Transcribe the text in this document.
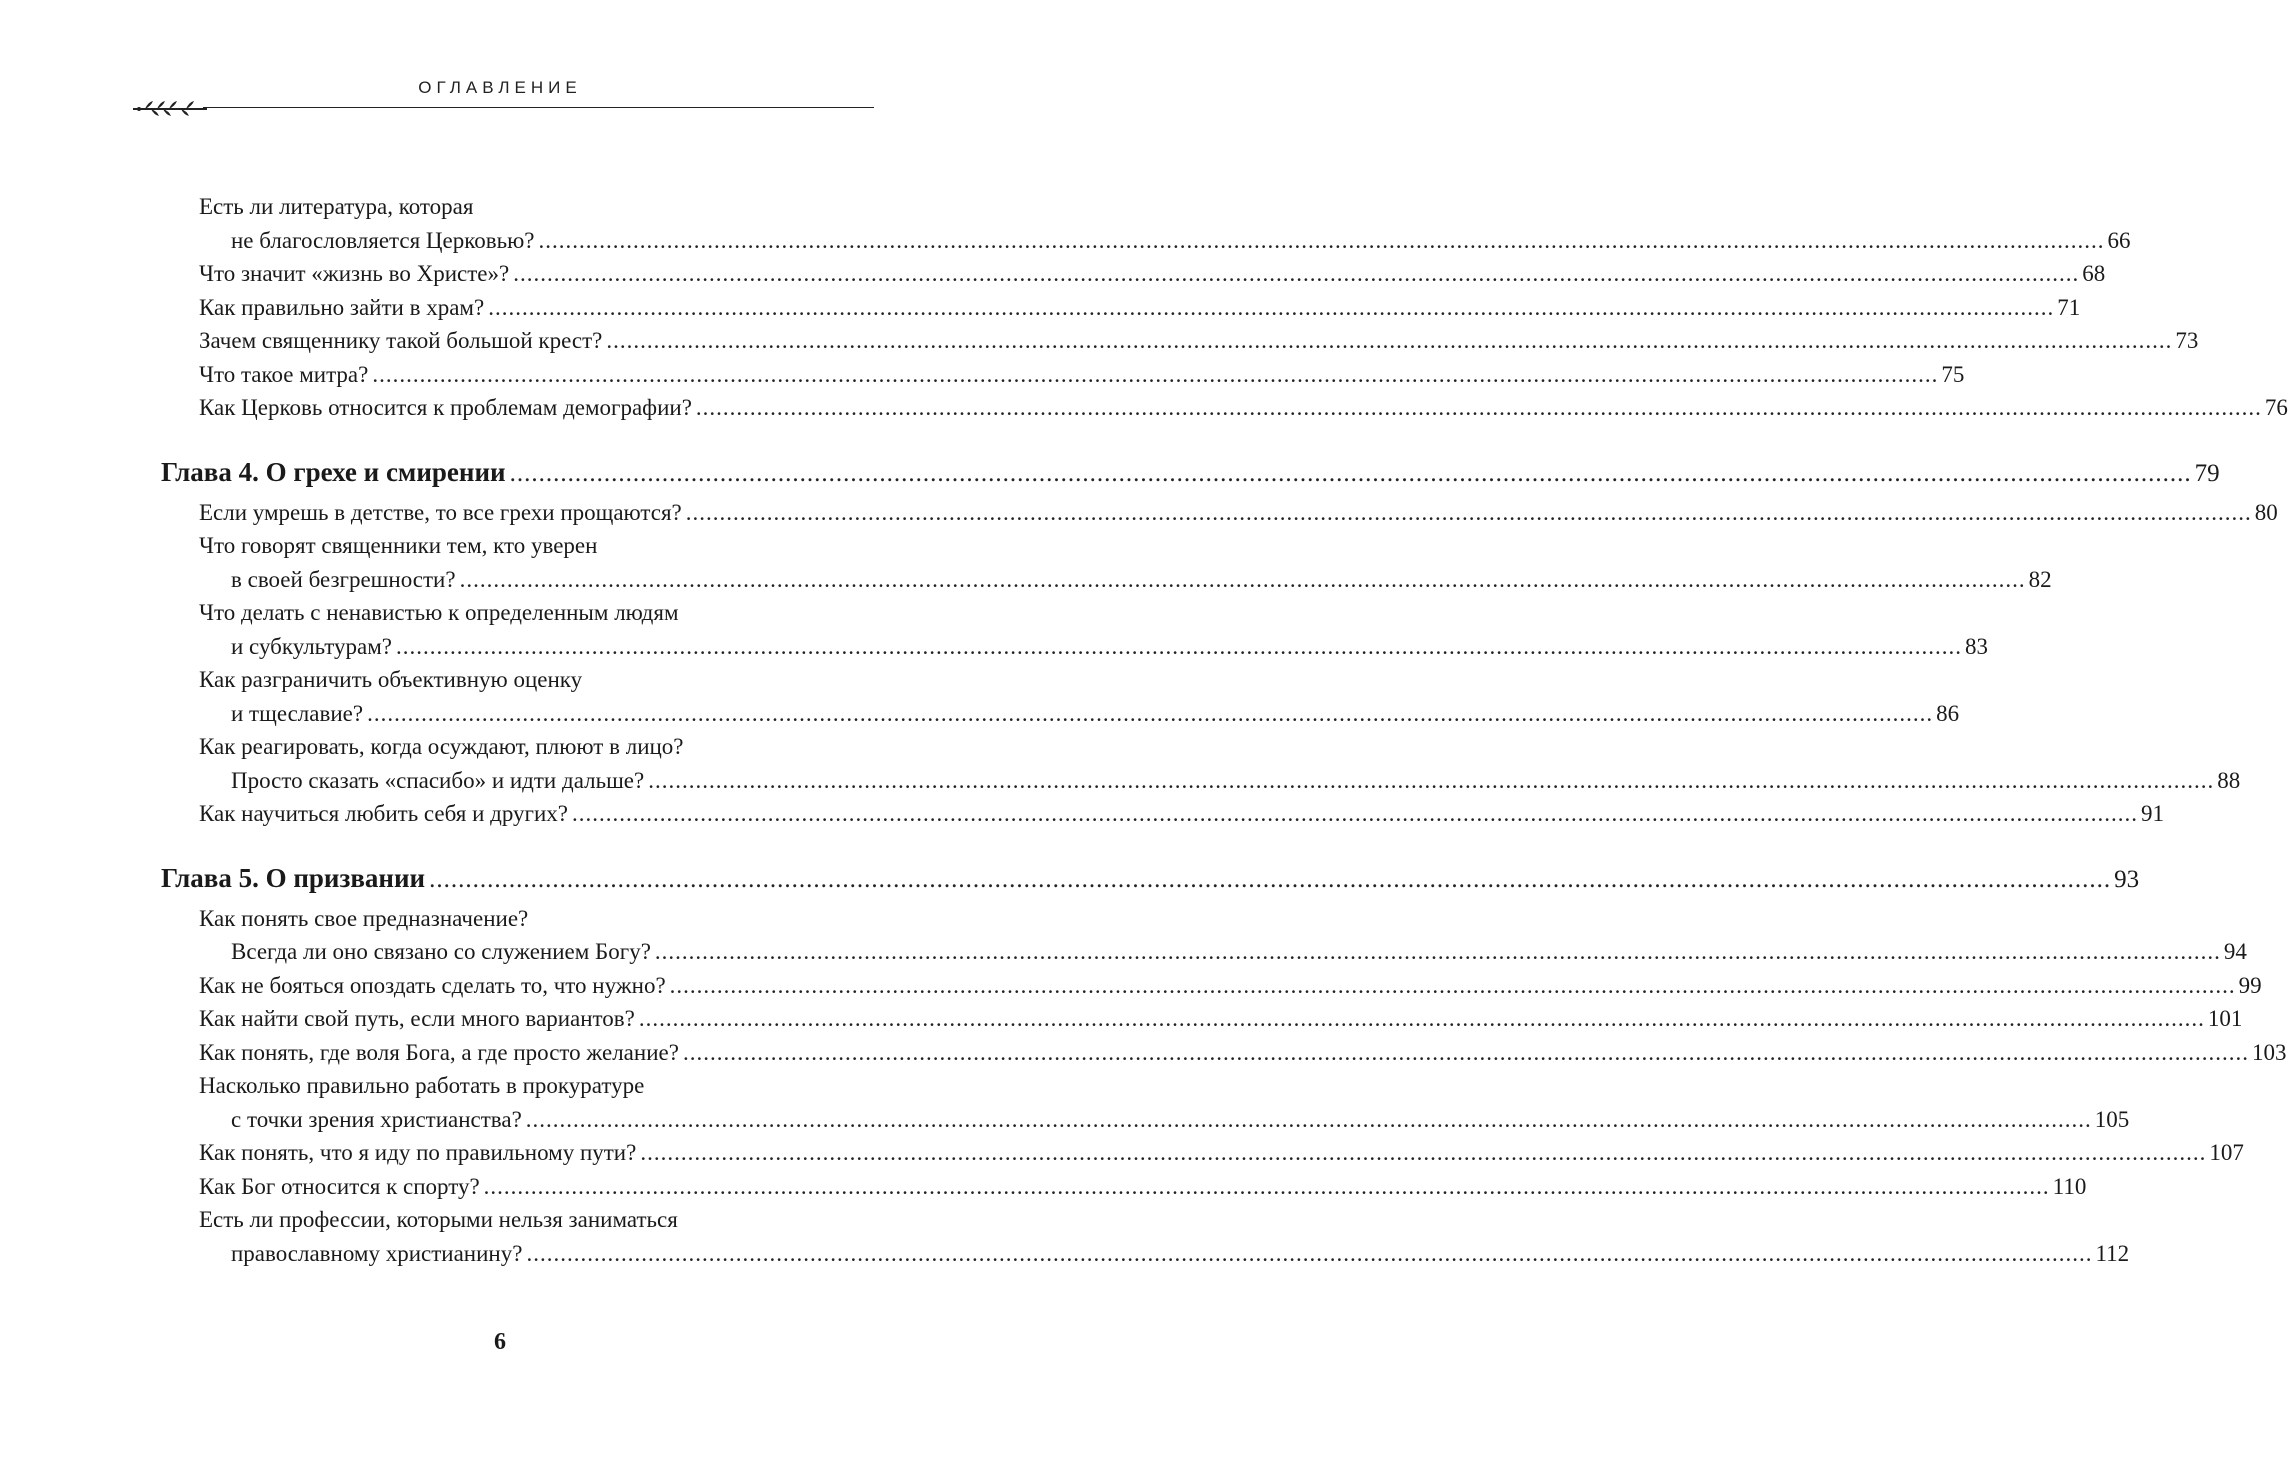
ОГЛАВЛЕНИЕ
Есть ли литература, которая
не благословляется Церковью? .....	66
Что значит «жизнь во Христе»? .....	68
Как правильно зайти в храм? .....	71
Зачем священнику такой большой крест? .....	73
Что такое митра? .....	75
Как Церковь относится к проблемам демографии? .....	76
Глава 4. О грехе и смирении .....	79
Если умрешь в детстве, то все грехи прощаются? .....	80
Что говорят священники тем, кто уверен
в своей безгрешности? .....	82
Что делать с ненавистью к определенным людям
и субкультурам? .....	83
Как разграничить объективную оценку
и тщеславие? .....	86
Как реагировать, когда осуждают, плюют в лицо?
Просто сказать «спасибо» и идти дальше? .....	88
Как научиться любить себя и других? .....	91
Глава 5. О призвании .....	93
Как понять свое предназначение?
Всегда ли оно связано со служением Богу? .....	94
Как не бояться опоздать сделать то, что нужно? .....	99
Как найти свой путь, если много вариантов? .....	101
Как понять, где воля Бога, а где просто желание? .....	103
Насколько правильно работать в прокуратуре
с точки зрения христианства? .....	105
Как понять, что я иду по правильному пути? .....	107
Как Бог относится к спорту? .....	110
Есть ли профессии, которыми нельзя заниматься
православному христианину? .....	112
6
